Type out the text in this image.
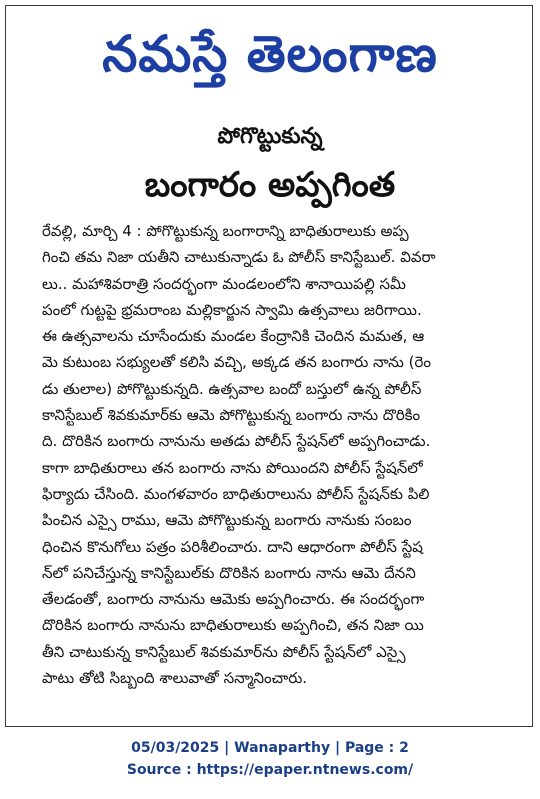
నమస్తే తెలంగాణ
పోగొట్టుకున్న
బంగారం అప్పగింత
రేవల్లి, మార్చి 4 : పోగొట్టుకున్న బంగారాన్ని బాధితురాలుకు అప్ప
గించి తమ నిజా యతీని చాటుకున్నాడు ఓ పోలీస్ కానిస్టేబుల్. వివరా
లు.. మహాశివరాత్రి సందర్భంగా మండలంలోని శానాయిపల్లి సమీ
పంలో గుట్టపై భ్రమరాంబ మల్లికార్జున స్వామి ఉత్సవాలు జరిగాయి.
ఈ ఉత్సవాలను చూసేందుకు మండల కేంద్రానికి చెందిన మమత, ఆ
మె కుటుంబ సభ్యులతో కలిసి వచ్చి, అక్కడ తన బంగారు నాను (రెం
డు తులాల) పోగొట్టుకున్నది. ఉత్సవాల బందో బస్తులో ఉన్న పోలీస్
కానిస్టేబుల్ శివకుమార్‌కు ఆమె పోగొట్టుకున్న బంగారు నాను దొరికిం
ది. దొరికిన బంగారు నానును అతడు పోలీస్ స్టేషన్‌లో అప్పగించాడు.
కాగా బాధితురాలు తన బంగారు నాను పోయిందని పోలీస్ స్టేషన్‌లో
ఫిర్యాదు చేసింది. మంగళవారం బాధితురాలును పోలీస్ స్టేషన్‌కు పిలి
పించిన ఎస్సై రాము, ఆమె పోగొట్టుకున్న బంగారు నానుకు సంబం
ధించిన కొనుగోలు పత్రం పరిశీలించారు. దాని ఆధారంగా పోలీస్ స్టేష
న్‌లో పనిచేస్తున్న కానిస్టేబుల్‌కు దొరికిన బంగారు నాను ఆమె దేనని
తేలడంతో, బంగారు నానును ఆమెకు అప్పగించారు. ఈ సందర్భంగా
దొరికిన బంగారు నానును బాధితురాలుకు అప్పగించి, తన నిజా యి
తీని చాటుకున్న కానిస్టేబుల్ శివకుమార్‌ను పోలీస్ స్టేషన్‌లో ఎస్సై
పాటు తోటి సిబ్బంది శాలువాతో సన్మానించారు.
05/03/2025 | Wanaparthy | Page : 2
Source : https://epaper.ntnews.com/
